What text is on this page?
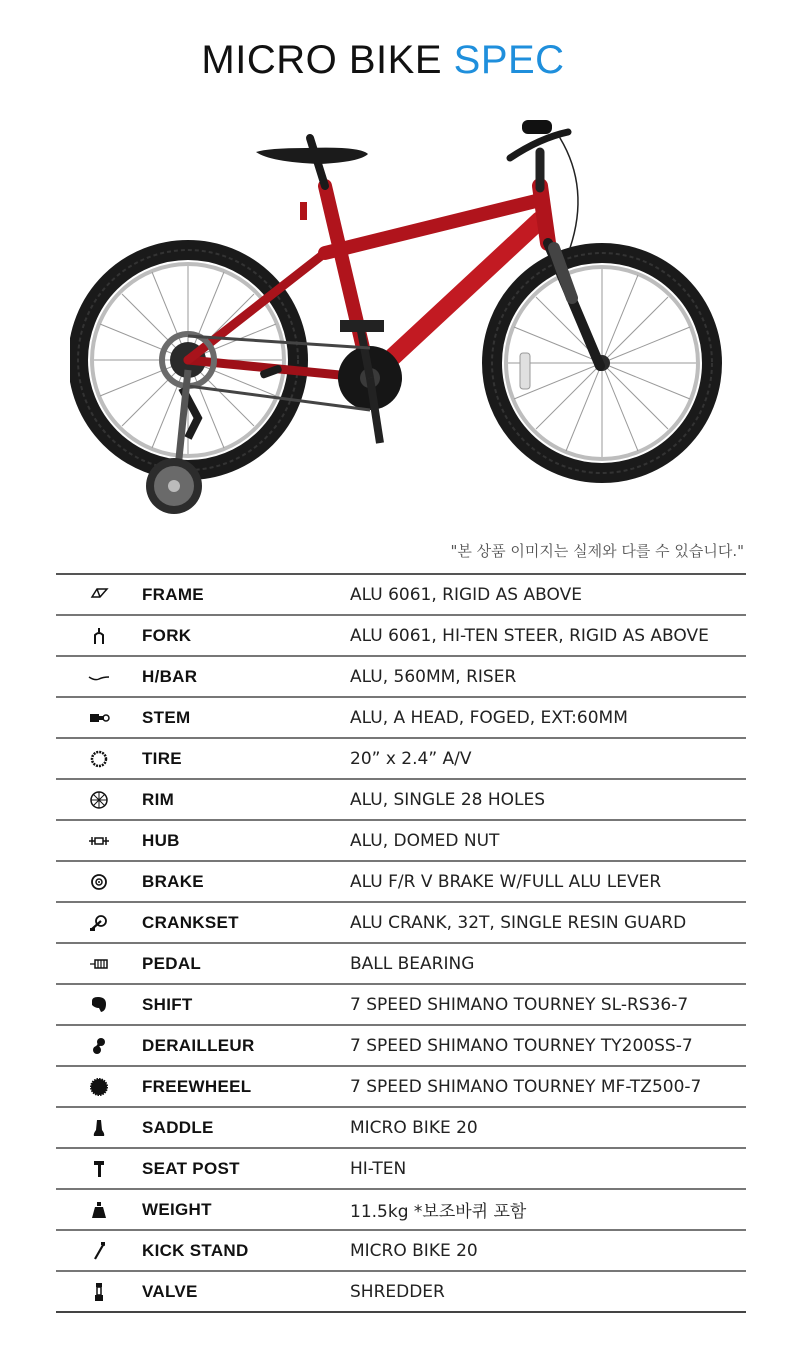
MICRO BIKE SPEC
"본 상품 이미지는 실제와 다를 수 있습니다."
FRAME	ALU 6061, RIGID AS ABOVE
FORK	ALU 6061, HI-TEN STEER, RIGID AS ABOVE
H/BAR	ALU, 560MM, RISER
STEM	ALU, A HEAD, FOGED, EXT:60MM
TIRE	20” x 2.4” A/V
RIM	ALU, SINGLE 28 HOLES
HUB	ALU, DOMED NUT
BRAKE	ALU F/R V BRAKE W/FULL ALU LEVER
CRANKSET	ALU CRANK, 32T, SINGLE RESIN GUARD
PEDAL	BALL BEARING
SHIFT	7 SPEED SHIMANO TOURNEY SL-RS36-7
DERAILLEUR	7 SPEED SHIMANO TOURNEY TY200SS-7
FREEWHEEL	7 SPEED SHIMANO TOURNEY MF-TZ500-7
SADDLE	MICRO BIKE 20
SEAT POST	HI-TEN
WEIGHT	11.5kg *보조바퀴 포함
KICK STAND	MICRO BIKE 20
VALVE	SHREDDER
